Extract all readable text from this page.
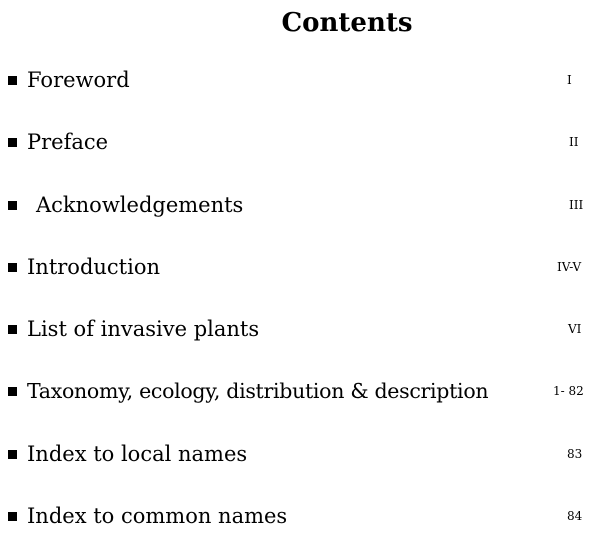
Contents
Foreword	I
Preface	II
Acknowledgements	III
Introduction	IV-V
List of invasive plants	VI
Taxonomy, ecology, distribution & description	1- 82
Index to local names	83
Index to common names	84
